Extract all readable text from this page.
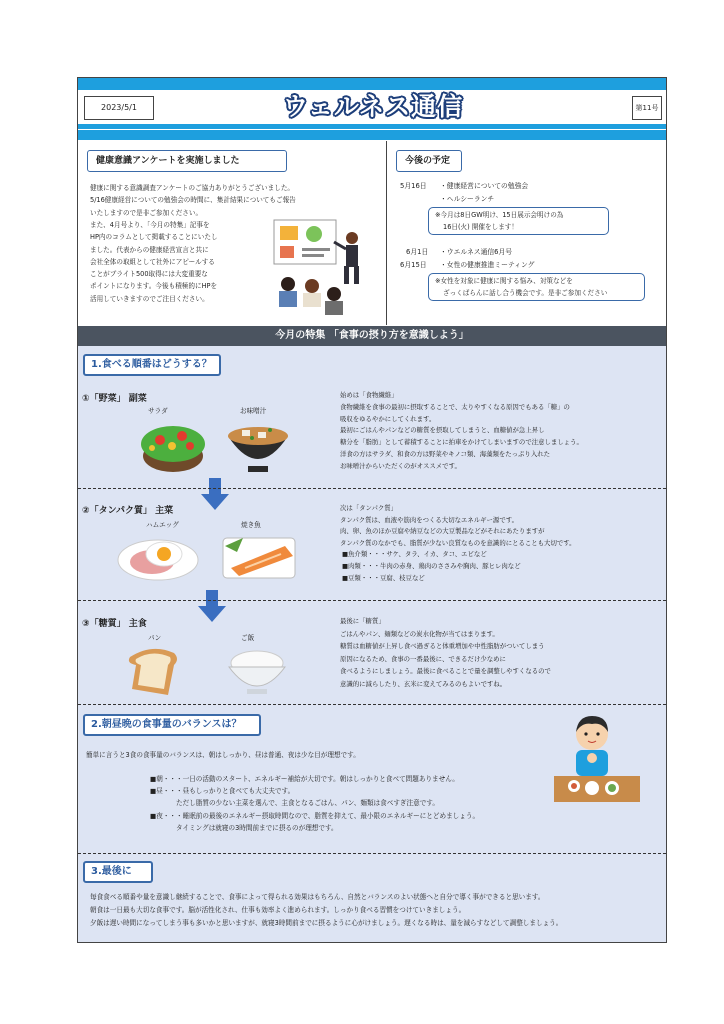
2023/5/1	ウェルネス通信	第11号
健康意識アンケートを実施しました
健康に関する意識調査アンケートのご協力ありがとうございました。
5/16健康経営についての勉強会の時間に、集計結果についてもご報告
いたしますので是非ご参加ください。
また、4月号より、「今月の特集」記事を
HP内のコラムとして掲載することにいたし
ました。代表からの健康経営宣言と共に
会社全体の取組として社外にアピールする
ことがブライト500取得には大変重要な
ポイントになります。今後も積極的にHPを
活用していきますのでご注目ください。
今後の予定
5月16日 ・健康経営についての勉強会
・ヘルシーランチ
※今月は8日GW明け、15日展示会明けの為
16日(火) 開催をします！
6月1日 ・ウエルネス通信6月号
6月15日 ・女性の健康推進ミーティング
※女性を対象に健康に関する悩み、対策などを
ざっくばらんに話し合う機会です。是非ご参加ください
今月の特集 「食事の摂り方を意識しよう」
1.食べる順番はどうする？
①「野菜」 副菜
サラダ	お味噌汁
始めは「食物繊維」
食物繊維を食事の最初に摂取することで、太りやすくなる原因でもある「糖」の
吸収をゆるやかにしてくれます。
最初にごはんやパンなどの糖質を摂取してしまうと、血糖値が急上昇し
糖分を「脂肪」として蓄積することに拍車をかけてしまいますので注意しましょう。
洋食の方はサラダ、和食の方は野菜やキノコ類、海藻類をたっぷり入れた
お味噌汁からいただくのがオススメです。
②「タンパク質」 主菜
ハムエッグ	焼き魚
次は「タンパク質」
タンパク質は、血液や筋肉をつくる大切なエネルギー源です。
肉、卵、魚のほか豆腐や納豆などの大豆製品などがそれにあたりますが
タンパク質のなかでも、脂質が少ない良質なものを意識的にとることも大切です。
■魚介類・・・サケ、タラ、イカ、タコ、エビなど
■肉類・・・牛肉の赤身、鶏肉のささみや胸肉、豚ヒレ肉など
■豆類・・・豆腐、枝豆など
③「糖質」 主食
パン	ご飯
最後に「糖質」
ごはんやパン、麺類などの炭水化物が当てはまります。
糖質は血糖値が上昇し食べ過ぎると体重増加や中性脂肪がついてしまう
原因になるため、食事の一番最後に、できるだけ少なめに
食べるようにしましょう。最後に食べることで量を調整しやすくなるので
意識的に減らしたり、玄米に変えてみるのもよいですね。
2.朝昼晩の食事量のバランスは？
簡単に言うと3食の食事量のバランスは、朝はしっかり、昼は普通、夜は少な目が理想です。
■朝・・・一日の活動のスタート、エネルギー補給が大切です。朝はしっかりと食べて問題ありません。
■昼・・・昼もしっかりと食べても大丈夫です。
ただし脂質の少ない主菜を選んで、主食となるごはん、パン、麺類は食べすぎ注意です。
■夜・・・睡眠前の最後のエネルギー摂取時間なので、脂質を抑えて、最小限のエネルギーにとどめましょう。
タイミングは就寝の3時間前までに摂るのが理想です。
3.最後に
毎食食べる順番や量を意識し継続することで、食事によって得られる効果はもちろん、自然とバランスのよい状態へと自分で導く事ができると思います。
朝食は一日最も大切な食事です。脳が活性化され、仕事も効率よく進められます。しっかり食べる習慣をつけていきましょう。
夕飯は遅い時間になってしまう事も多いかと思いますが、就寝3時間前までに摂るように心がけましょう。遅くなる時は、量を減らすなどして調整しましょう。
